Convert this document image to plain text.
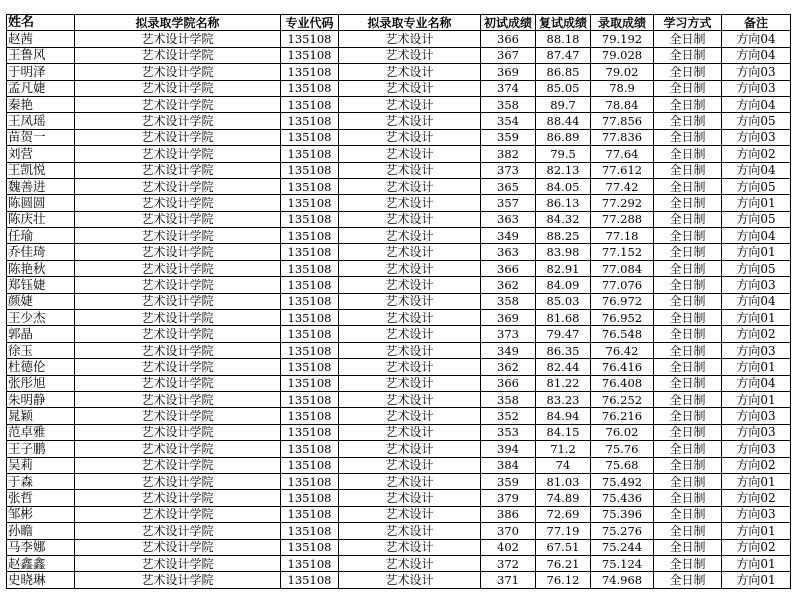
姓名	拟录取学院名称	专业代码	拟录取专业名称	初试成绩	复试成绩	录取成绩	学习方式	备注
赵茜	艺术设计学院	135108	艺术设计	366	88.18	79.192	全日制	方向04
王鲁风	艺术设计学院	135108	艺术设计	367	87.47	79.028	全日制	方向04
于明泽	艺术设计学院	135108	艺术设计	369	86.85	79.02	全日制	方向03
孟凡婕	艺术设计学院	135108	艺术设计	374	85.05	78.9	全日制	方向03
秦艳	艺术设计学院	135108	艺术设计	358	89.7	78.84	全日制	方向04
王凤瑶	艺术设计学院	135108	艺术设计	354	88.44	77.856	全日制	方向05
苗贺一	艺术设计学院	135108	艺术设计	359	86.89	77.836	全日制	方向03
刘营	艺术设计学院	135108	艺术设计	382	79.5	77.64	全日制	方向02
王凯悦	艺术设计学院	135108	艺术设计	373	82.13	77.612	全日制	方向04
魏善进	艺术设计学院	135108	艺术设计	365	84.05	77.42	全日制	方向05
陈圆圆	艺术设计学院	135108	艺术设计	357	86.13	77.292	全日制	方向01
陈庆壮	艺术设计学院	135108	艺术设计	363	84.32	77.288	全日制	方向05
任瑜	艺术设计学院	135108	艺术设计	349	88.25	77.18	全日制	方向04
乔佳琦	艺术设计学院	135108	艺术设计	363	83.98	77.152	全日制	方向01
陈艳秋	艺术设计学院	135108	艺术设计	366	82.91	77.084	全日制	方向05
郑钰婕	艺术设计学院	135108	艺术设计	362	84.09	77.076	全日制	方向03
颜婕	艺术设计学院	135108	艺术设计	358	85.03	76.972	全日制	方向04
王少杰	艺术设计学院	135108	艺术设计	369	81.68	76.952	全日制	方向01
郭晶	艺术设计学院	135108	艺术设计	373	79.47	76.548	全日制	方向02
徐玉	艺术设计学院	135108	艺术设计	349	86.35	76.42	全日制	方向03
杜德伦	艺术设计学院	135108	艺术设计	362	82.44	76.416	全日制	方向01
张彤旭	艺术设计学院	135108	艺术设计	366	81.22	76.408	全日制	方向04
朱明静	艺术设计学院	135108	艺术设计	358	83.23	76.252	全日制	方向01
晁颖	艺术设计学院	135108	艺术设计	352	84.94	76.216	全日制	方向03
范卓雅	艺术设计学院	135108	艺术设计	353	84.15	76.02	全日制	方向03
王子鹏	艺术设计学院	135108	艺术设计	394	71.2	75.76	全日制	方向03
吴莉	艺术设计学院	135108	艺术设计	384	74	75.68	全日制	方向02
于森	艺术设计学院	135108	艺术设计	359	81.03	75.492	全日制	方向01
张哲	艺术设计学院	135108	艺术设计	379	74.89	75.436	全日制	方向02
邹彬	艺术设计学院	135108	艺术设计	386	72.69	75.396	全日制	方向03
孙瞻	艺术设计学院	135108	艺术设计	370	77.19	75.276	全日制	方向01
马李娜	艺术设计学院	135108	艺术设计	402	67.51	75.244	全日制	方向02
赵鑫鑫	艺术设计学院	135108	艺术设计	372	76.21	75.124	全日制	方向01
史晓琳	艺术设计学院	135108	艺术设计	371	76.12	74.968	全日制	方向01
